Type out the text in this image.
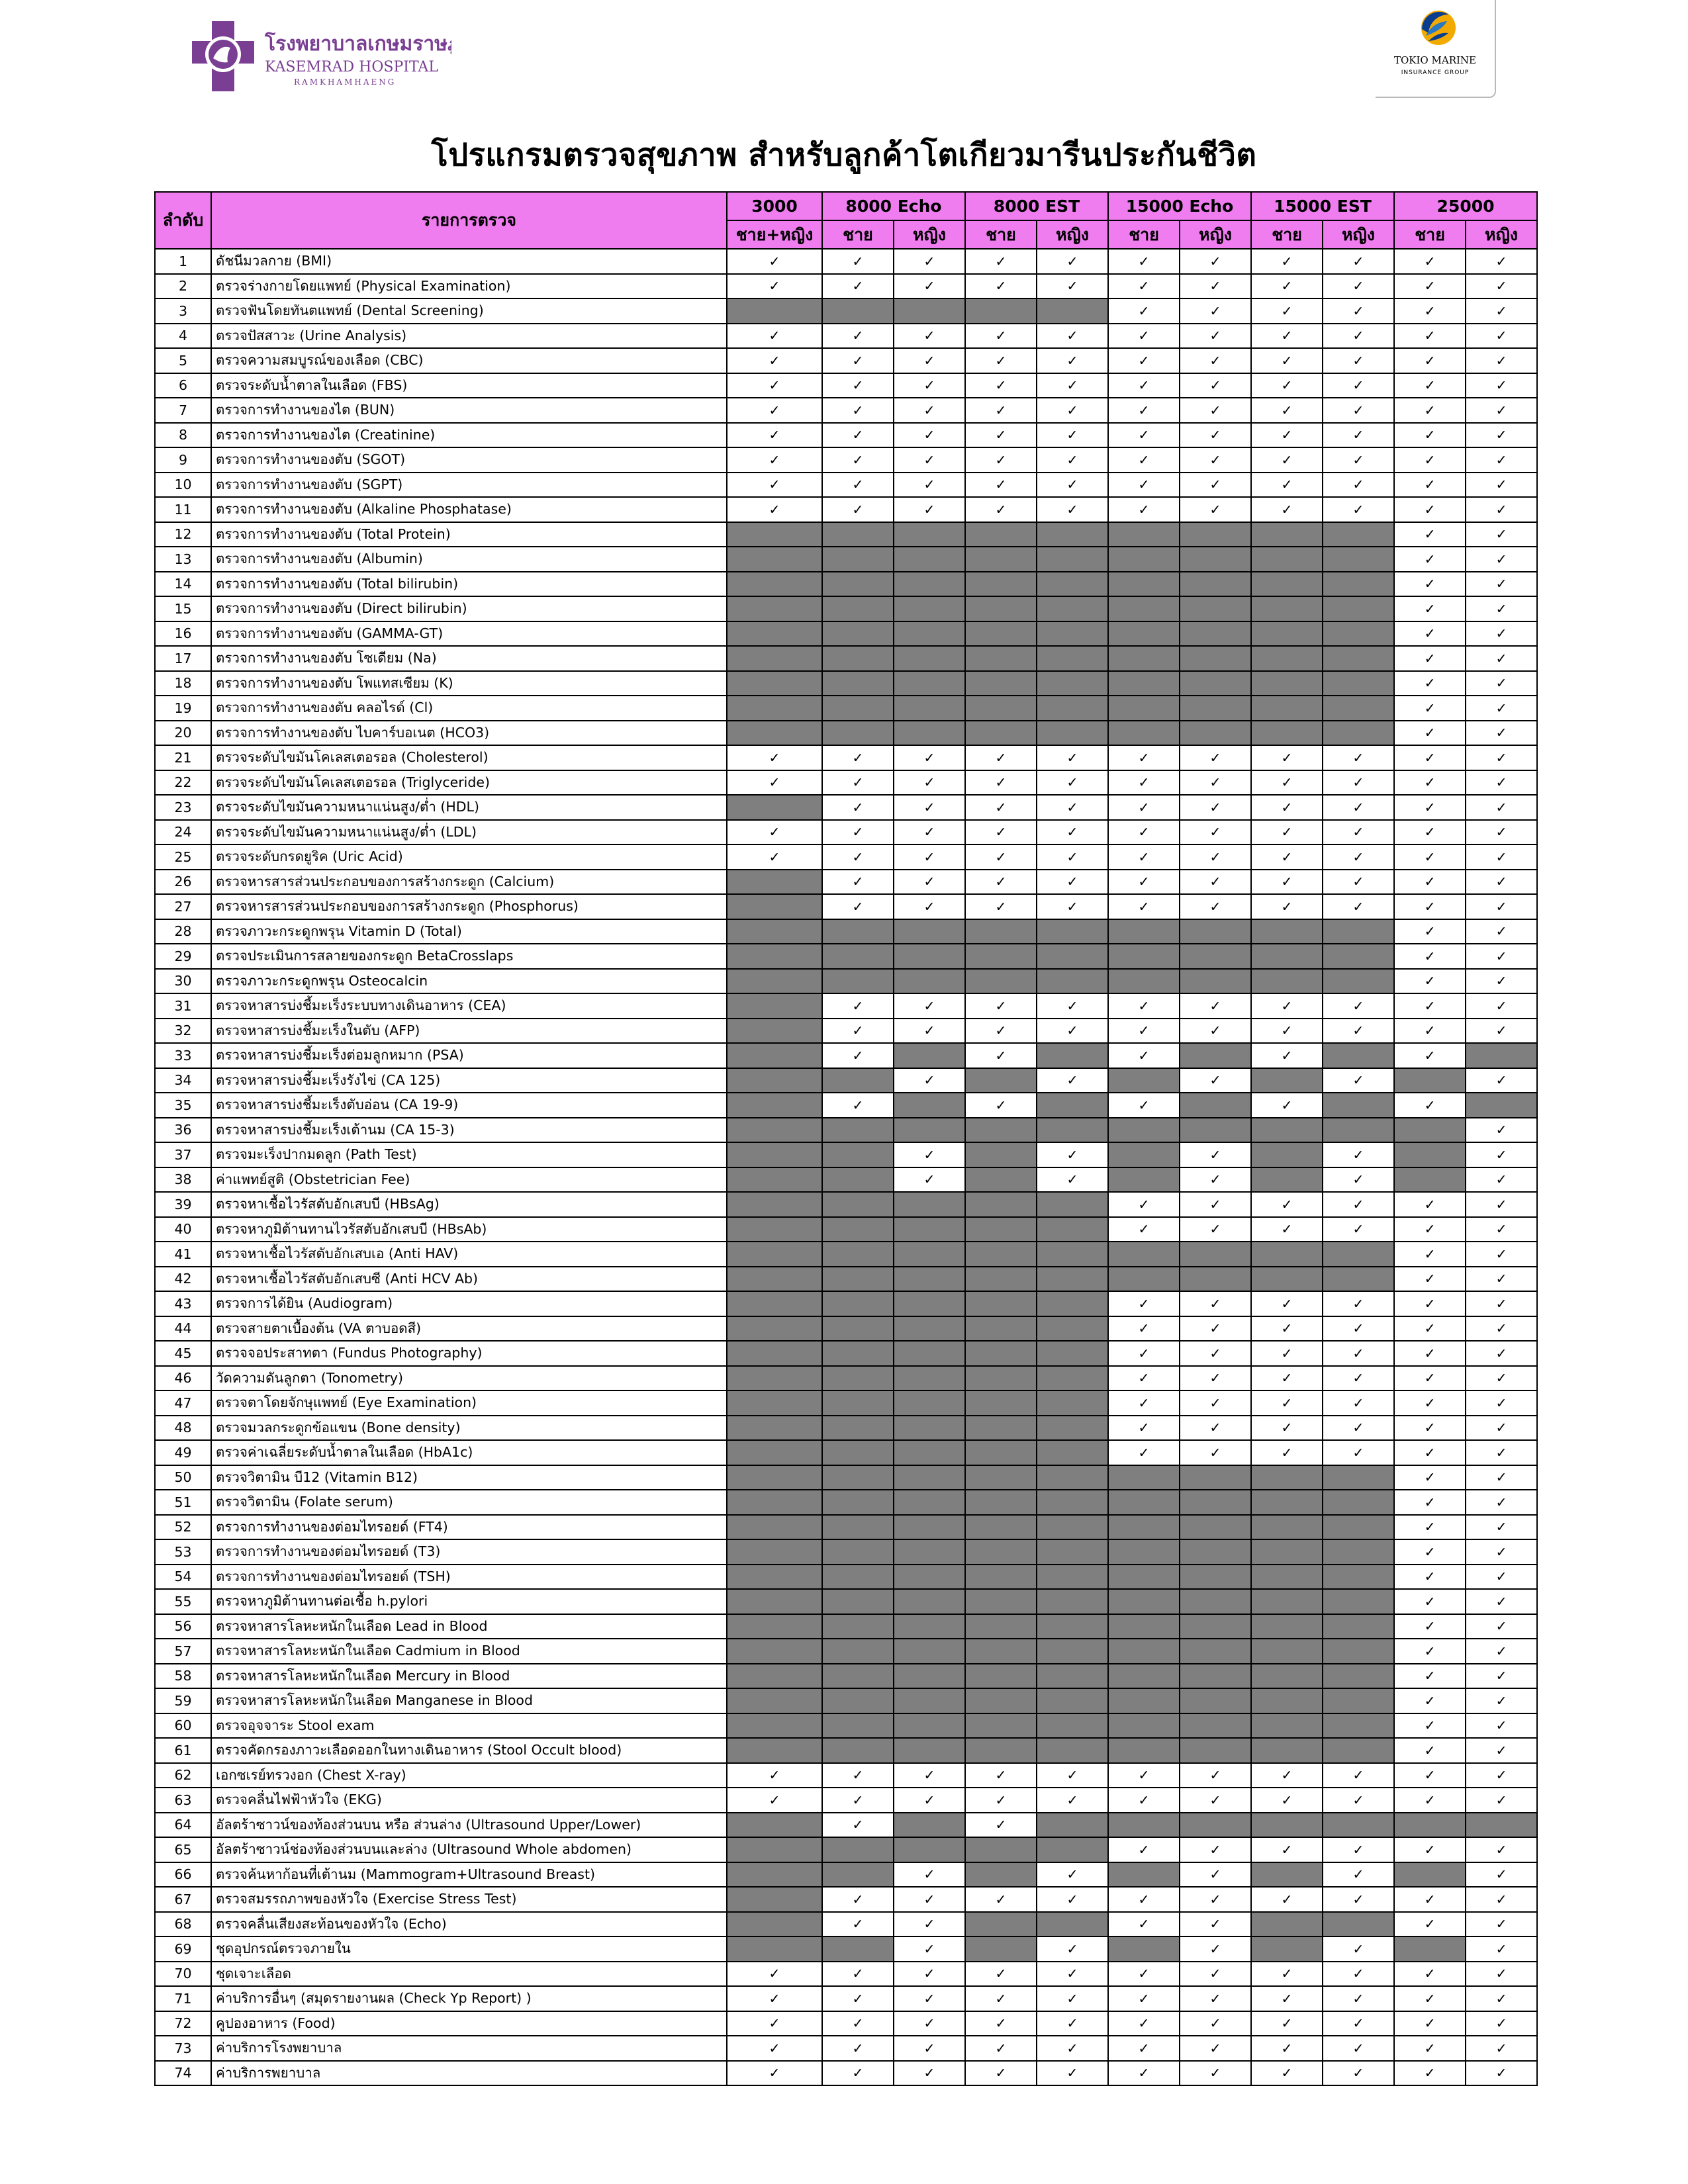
โรงพยาบาลเกษมราษฎร์
KASEMRAD HOSPITAL
RAMKHAMHAENG
TOKIO MARINE
INSURANCE GROUP
โปรแกรมตรวจสุขภาพ สำหรับลูกค้าโตเกียวมารีนประกันชีวิต
ลำดับ	รายการตรวจ	3000	8000 Echo		8000 EST		15000 Echo		15000 EST		25000	
		ชาย+หญิง	ชาย	หญิง	ชาย	หญิง	ชาย	หญิง	ชาย	หญิง	ชาย	หญิง
1	ดัชนีมวลกาย (BMI)	✓	✓	✓	✓	✓	✓	✓	✓	✓	✓	✓
2	ตรวจร่างกายโดยแพทย์ (Physical Examination)	✓	✓	✓	✓	✓	✓	✓	✓	✓	✓	✓
3	ตรวจฟันโดยทันตแพทย์ (Dental Screening)						✓	✓	✓	✓	✓	✓
4	ตรวจปัสสาวะ (Urine Analysis)	✓	✓	✓	✓	✓	✓	✓	✓	✓	✓	✓
5	ตรวจความสมบูรณ์ของเลือด (CBC)	✓	✓	✓	✓	✓	✓	✓	✓	✓	✓	✓
6	ตรวจระดับน้ำตาลในเลือด (FBS)	✓	✓	✓	✓	✓	✓	✓	✓	✓	✓	✓
7	ตรวจการทำงานของไต (BUN)	✓	✓	✓	✓	✓	✓	✓	✓	✓	✓	✓
8	ตรวจการทำงานของไต (Creatinine)	✓	✓	✓	✓	✓	✓	✓	✓	✓	✓	✓
9	ตรวจการทำงานของตับ (SGOT)	✓	✓	✓	✓	✓	✓	✓	✓	✓	✓	✓
10	ตรวจการทำงานของตับ (SGPT)	✓	✓	✓	✓	✓	✓	✓	✓	✓	✓	✓
11	ตรวจการทำงานของตับ (Alkaline Phosphatase)	✓	✓	✓	✓	✓	✓	✓	✓	✓	✓	✓
12	ตรวจการทำงานของตับ (Total Protein)										✓	✓
13	ตรวจการทำงานของตับ (Albumin)										✓	✓
14	ตรวจการทำงานของตับ (Total bilirubin)										✓	✓
15	ตรวจการทำงานของตับ (Direct bilirubin)										✓	✓
16	ตรวจการทำงานของตับ (GAMMA-GT)										✓	✓
17	ตรวจการทำงานของตับ โซเดียม (Na)										✓	✓
18	ตรวจการทำงานของตับ โพแทสเซียม (K)										✓	✓
19	ตรวจการทำงานของตับ คลอไรด์ (Cl)										✓	✓
20	ตรวจการทำงานของตับ ไบคาร์บอเนต (HCO3)										✓	✓
21	ตรวจระดับไขมันโคเลสเตอรอล (Cholesterol)	✓	✓	✓	✓	✓	✓	✓	✓	✓	✓	✓
22	ตรวจระดับไขมันโคเลสเตอรอล (Triglyceride)	✓	✓	✓	✓	✓	✓	✓	✓	✓	✓	✓
23	ตรวจระดับไขมันความหนาแน่นสูง/ต่ำ (HDL)		✓	✓	✓	✓	✓	✓	✓	✓	✓	✓
24	ตรวจระดับไขมันความหนาแน่นสูง/ต่ำ (LDL)	✓	✓	✓	✓	✓	✓	✓	✓	✓	✓	✓
25	ตรวจระดับกรดยูริค (Uric Acid)	✓	✓	✓	✓	✓	✓	✓	✓	✓	✓	✓
26	ตรวจหารสารส่วนประกอบของการสร้างกระดูก (Calcium)		✓	✓	✓	✓	✓	✓	✓	✓	✓	✓
27	ตรวจหารสารส่วนประกอบของการสร้างกระดูก (Phosphorus)		✓	✓	✓	✓	✓	✓	✓	✓	✓	✓
28	ตรวจภาวะกระดูกพรุน Vitamin D (Total)										✓	✓
29	ตรวจประเมินการสลายของกระดูก BetaCrosslaps										✓	✓
30	ตรวจภาวะกระดูกพรุน Osteocalcin										✓	✓
31	ตรวจหาสารบ่งชี้มะเร็งระบบทางเดินอาหาร (CEA)		✓	✓	✓	✓	✓	✓	✓	✓	✓	✓
32	ตรวจหาสารบ่งชี้มะเร็งในตับ (AFP)		✓	✓	✓	✓	✓	✓	✓	✓	✓	✓
33	ตรวจหาสารบ่งชี้มะเร็งต่อมลูกหมาก (PSA)		✓		✓		✓		✓		✓	
34	ตรวจหาสารบ่งชี้มะเร็งรังไข่ (CA 125)			✓		✓		✓		✓		✓
35	ตรวจหาสารบ่งชี้มะเร็งตับอ่อน (CA 19-9)		✓		✓		✓		✓		✓	
36	ตรวจหาสารบ่งชี้มะเร็งเต้านม (CA 15-3)											✓
37	ตรวจมะเร็งปากมดลูก (Path Test)			✓		✓		✓		✓		✓
38	ค่าแพทย์สูติ (Obstetrician Fee)			✓		✓		✓		✓		✓
39	ตรวจหาเชื้อไวรัสตับอักเสบบี (HBsAg)						✓	✓	✓	✓	✓	✓
40	ตรวจหาภูมิต้านทานไวรัสตับอักเสบบี (HBsAb)						✓	✓	✓	✓	✓	✓
41	ตรวจหาเชื้อไวรัสตับอักเสบเอ (Anti HAV)										✓	✓
42	ตรวจหาเชื้อไวรัสตับอักเสบซี (Anti HCV Ab)										✓	✓
43	ตรวจการได้ยิน (Audiogram)						✓	✓	✓	✓	✓	✓
44	ตรวจสายตาเบื้องต้น (VA ตาบอดสี)						✓	✓	✓	✓	✓	✓
45	ตรวจจอประสาทตา (Fundus Photography)						✓	✓	✓	✓	✓	✓
46	วัดความดันลูกตา (Tonometry)						✓	✓	✓	✓	✓	✓
47	ตรวจตาโดยจักษุแพทย์ (Eye Examination)						✓	✓	✓	✓	✓	✓
48	ตรวจมวลกระดูกข้อแขน (Bone density)						✓	✓	✓	✓	✓	✓
49	ตรวจค่าเฉลี่ยระดับน้ำตาลในเลือด (HbA1c)						✓	✓	✓	✓	✓	✓
50	ตรวจวิตามิน บี12 (Vitamin B12)										✓	✓
51	ตรวจวิตามิน (Folate serum)										✓	✓
52	ตรวจการทำงานของต่อมไทรอยด์ (FT4)										✓	✓
53	ตรวจการทำงานของต่อมไทรอยด์ (T3)										✓	✓
54	ตรวจการทำงานของต่อมไทรอยด์ (TSH)										✓	✓
55	ตรวจหาภูมิต้านทานต่อเชื้อ h.pylori										✓	✓
56	ตรวจหาสารโลหะหนักในเลือด Lead in Blood										✓	✓
57	ตรวจหาสารโลหะหนักในเลือด Cadmium in Blood										✓	✓
58	ตรวจหาสารโลหะหนักในเลือด Mercury in Blood										✓	✓
59	ตรวจหาสารโลหะหนักในเลือด Manganese in Blood										✓	✓
60	ตรวจอุจจาระ Stool exam										✓	✓
61	ตรวจคัดกรองภาวะเลือดออกในทางเดินอาหาร (Stool Occult blood)										✓	✓
62	เอกซเรย์ทรวงอก (Chest X-ray)	✓	✓	✓	✓	✓	✓	✓	✓	✓	✓	✓
63	ตรวจคลื่นไฟฟ้าหัวใจ (EKG)	✓	✓	✓	✓	✓	✓	✓	✓	✓	✓	✓
64	อัลตร้าซาวน์ของท้องส่วนบน หรือ ส่วนล่าง (Ultrasound Upper/Lower)		✓		✓							
65	อัลตร้าซาวน์ช่องท้องส่วนบนและล่าง (Ultrasound Whole abdomen)						✓	✓	✓	✓	✓	✓
66	ตรวจค้นหาก้อนที่เต้านม (Mammogram+Ultrasound Breast)			✓		✓		✓		✓		✓
67	ตรวจสมรรถภาพของหัวใจ (Exercise Stress Test)		✓	✓	✓	✓	✓	✓	✓	✓	✓	✓
68	ตรวจคลื่นเสียงสะท้อนของหัวใจ (Echo)		✓	✓			✓	✓			✓	✓
69	ชุดอุปกรณ์ตรวจภายใน			✓		✓		✓		✓		✓
70	ชุดเจาะเลือด	✓	✓	✓	✓	✓	✓	✓	✓	✓	✓	✓
71	ค่าบริการอื่นๆ (สมุดรายงานผล (Check Yp Report) )	✓	✓	✓	✓	✓	✓	✓	✓	✓	✓	✓
72	คูปองอาหาร (Food)	✓	✓	✓	✓	✓	✓	✓	✓	✓	✓	✓
73	ค่าบริการโรงพยาบาล	✓	✓	✓	✓	✓	✓	✓	✓	✓	✓	✓
74	ค่าบริการพยาบาล	✓	✓	✓	✓	✓	✓	✓	✓	✓	✓	✓
